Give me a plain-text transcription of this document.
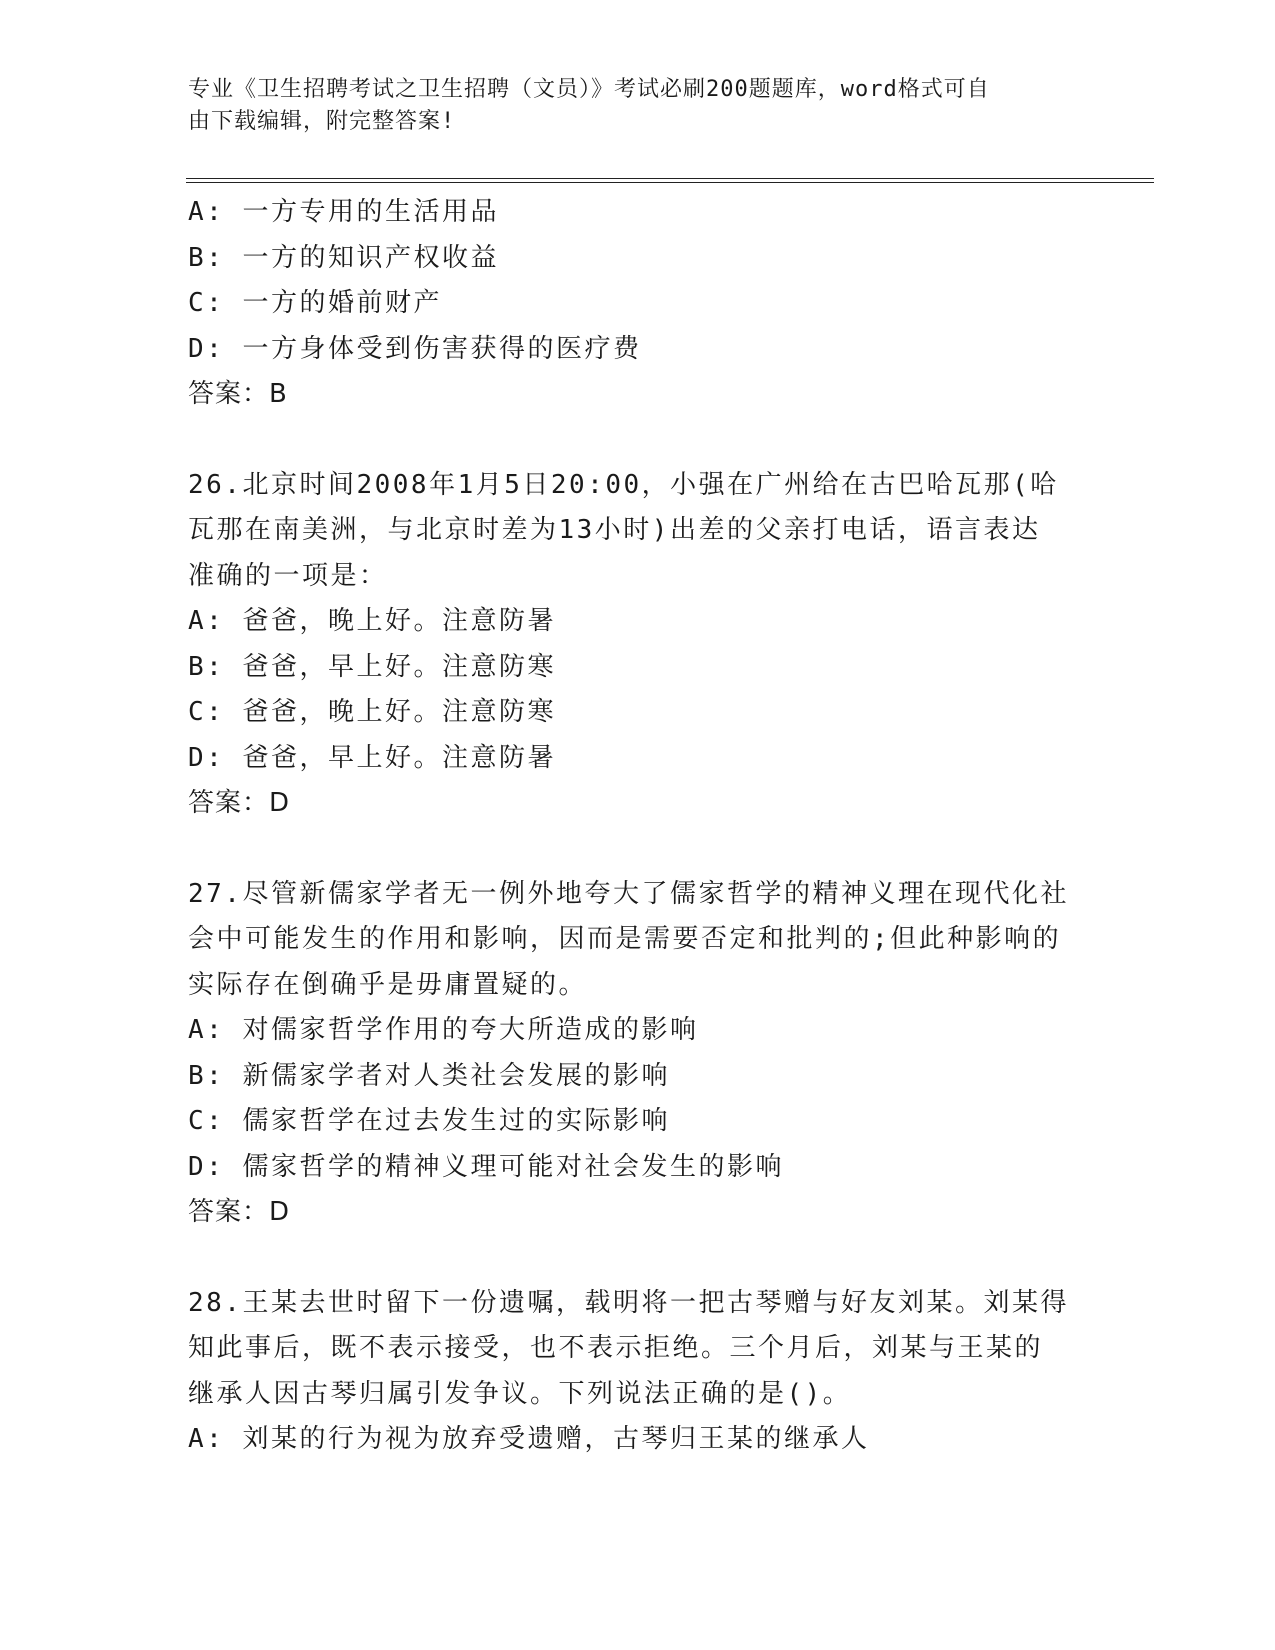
专业《卫生招聘考试之卫生招聘（文员）》考试必刷200题题库，word格式可自
由下载编辑，附完整答案!
A: 一方专用的生活用品
B: 一方的知识产权收益
C: 一方的婚前财产
D: 一方身体受到伤害获得的医疗费
答案：B
26.北京时间2008年1月5日20:00，小强在广州给在古巴哈瓦那(哈
瓦那在南美洲，与北京时差为13小时)出差的父亲打电话，语言表达
准确的一项是：
A: 爸爸，晚上好。注意防暑
B: 爸爸，早上好。注意防寒
C: 爸爸，晚上好。注意防寒
D: 爸爸，早上好。注意防暑
答案：D
27.尽管新儒家学者无一例外地夸大了儒家哲学的精神义理在现代化社
会中可能发生的作用和影响，因而是需要否定和批判的;但此种影响的
实际存在倒确乎是毋庸置疑的。
A: 对儒家哲学作用的夸大所造成的影响
B: 新儒家学者对人类社会发展的影响
C: 儒家哲学在过去发生过的实际影响
D: 儒家哲学的精神义理可能对社会发生的影响
答案：D
28.王某去世时留下一份遗嘱，载明将一把古琴赠与好友刘某。刘某得
知此事后，既不表示接受，也不表示拒绝。三个月后，刘某与王某的
继承人因古琴归属引发争议。下列说法正确的是()。
A: 刘某的行为视为放弃受遗赠，古琴归王某的继承人
